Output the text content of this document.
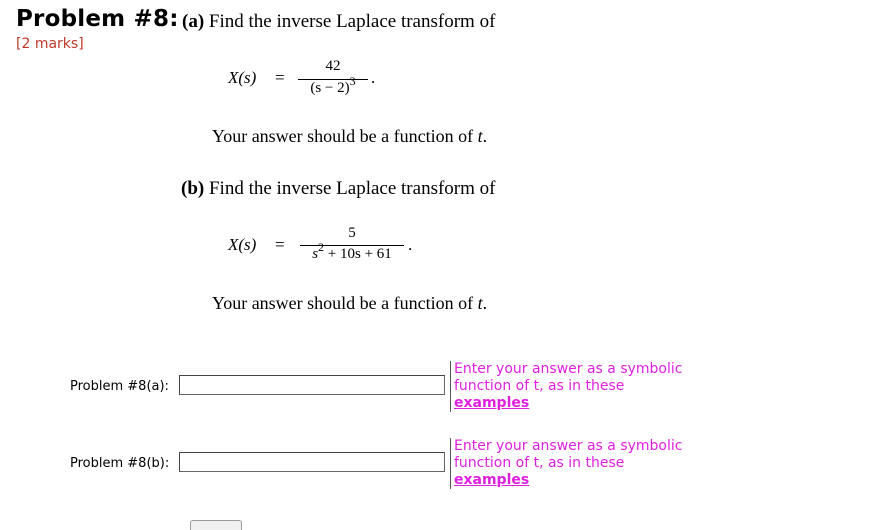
Problem #8:
[2 marks]
(a) Find the inverse Laplace transform of
X(s) =
42
$(s - 2)^3$ .
Your answer should be a function of t.
(b) Find the inverse Laplace transform of
X(s) =
5
$s^2 + 10s + 61$ .
Your answer should be a function of t.
Problem #8(a):
Enter your answer as a symbolic
function of t, as in these
examples
Problem #8(b):
Enter your answer as a symbolic
function of t, as in these
examples
